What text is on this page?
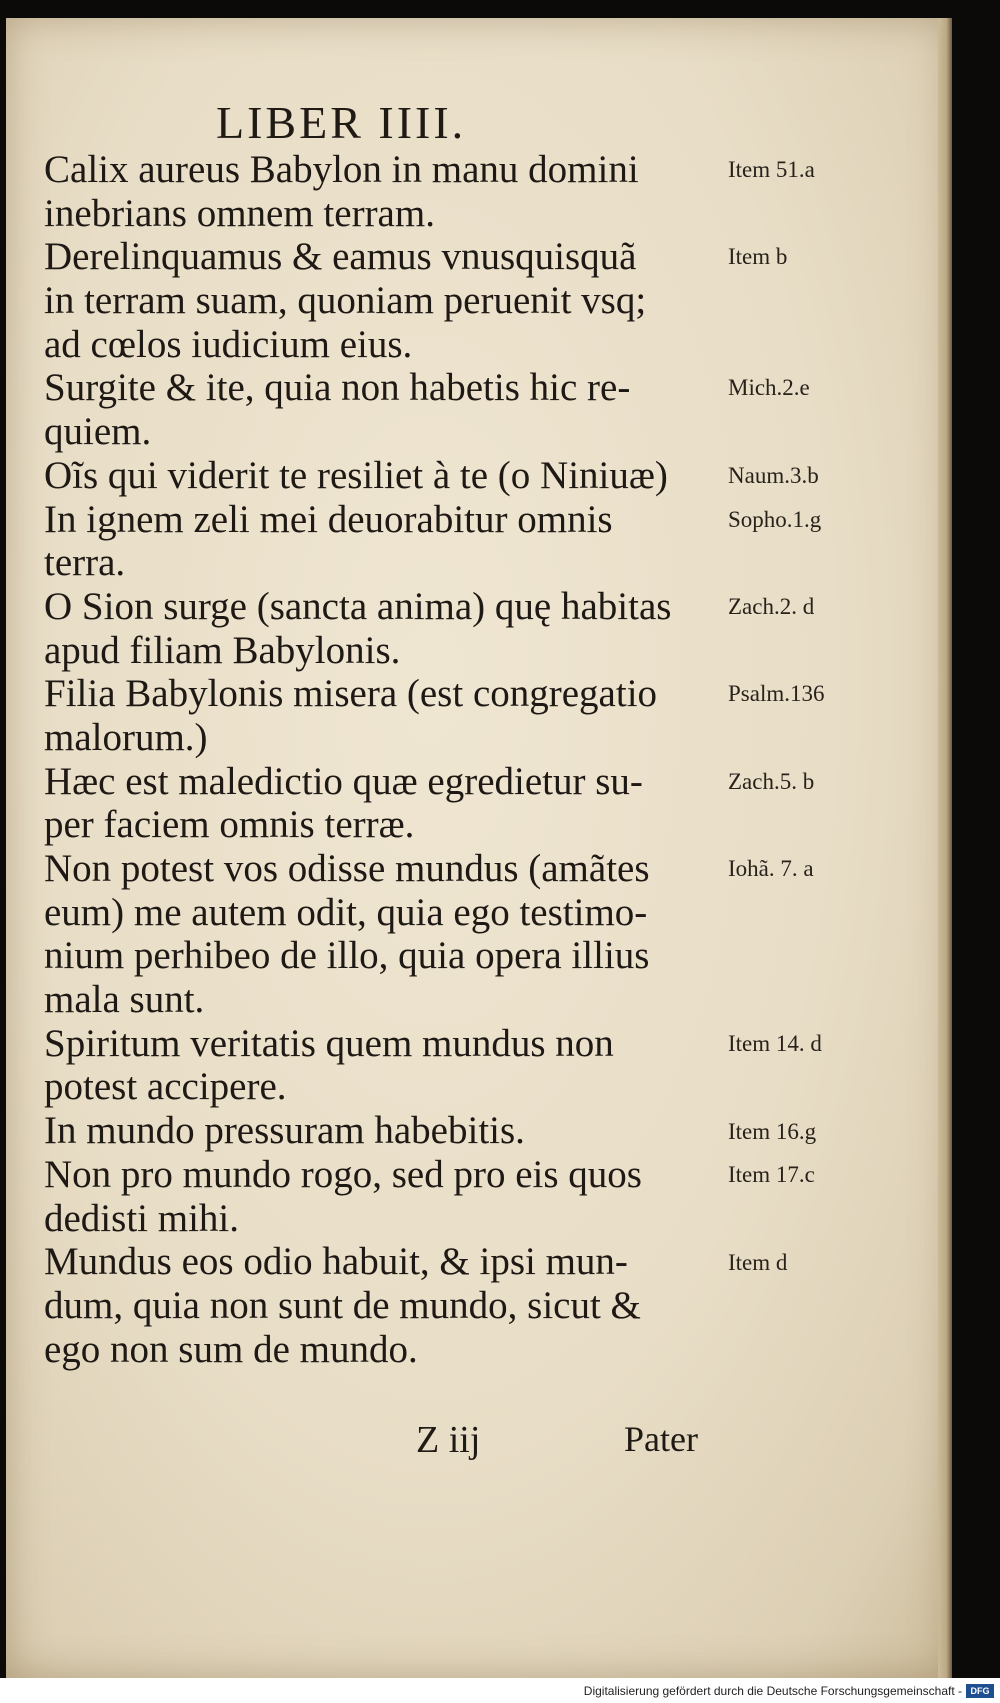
LIBER IIII.
Calix aureus Babylon in manu domini
inebrians omnem terram.
Derelinquamus & eamus vnusquisquã
in terram suam, quoniam peruenit vsq;
ad cœlos iudicium eius.
Surgite & ite, quia non habetis hic re-
quiem.
Oĩs qui viderit te resiliet à te (o Niniuæ)
In ignem zeli mei deuorabitur omnis
terra.
O Sion surge (sancta anima) quę habitas
apud filiam Babylonis.
Filia Babylonis misera (est congregatio
malorum.)
Hæc est maledictio quæ egredietur su-
per faciem omnis terræ.
Non potest vos odisse mundus (amãtes
eum) me autem odit, quia ego testimo-
nium perhibeo de illo, quia opera illius
mala sunt.
Spiritum veritatis quem mundus non
potest accipere.
In mundo pressuram habebitis.
Non pro mundo rogo, sed pro eis quos
dedisti mihi.
Mundus eos odio habuit, & ipsi mun-
dum, quia non sunt de mundo, sicut &
ego non sum de mundo.
Item 51.a
Item b
Mich.2.e
Naum.3.b
Sopho.1.g
Zach.2. d
Psalm.136
Zach.5. b
Iohã. 7. a
Item 14. d
Item 16.g
Item 17.c
Item d
Z iij	Pater
Digitalisierung gefördert durch die Deutsche Forschungsgemeinschaft - DFG
